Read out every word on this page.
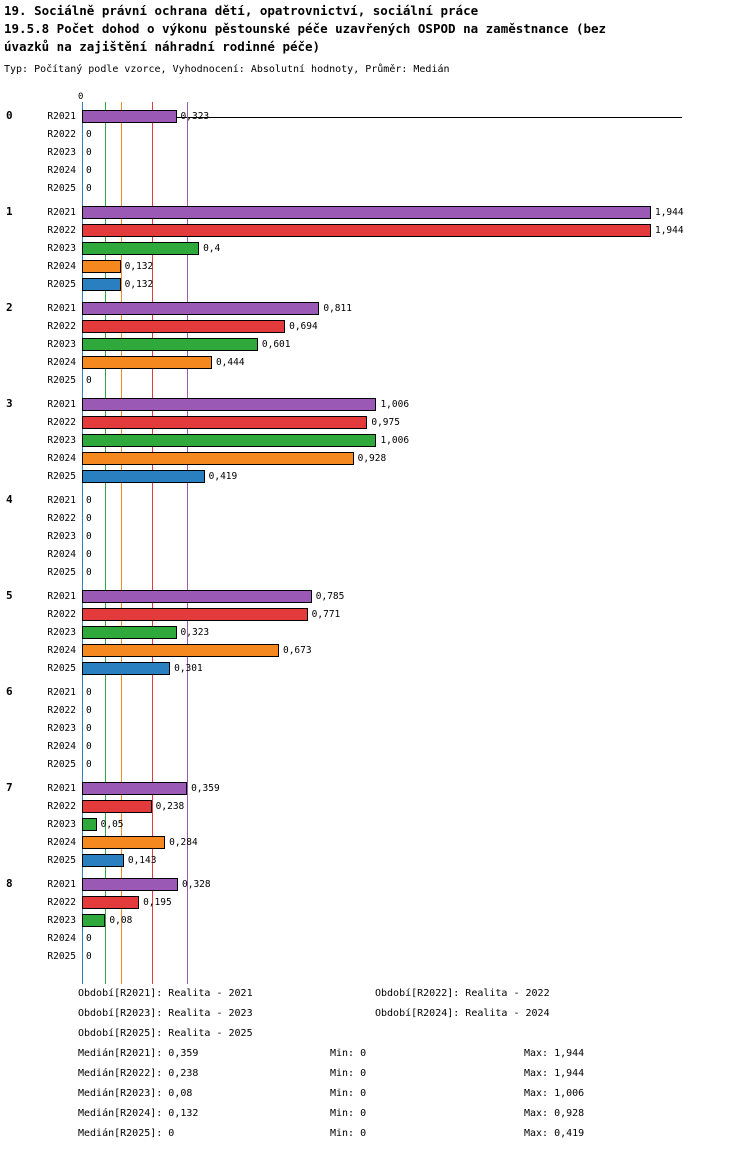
19. Sociálně právní ochrana dětí, opatrovnictví, sociální práce
19.5.8 Počet dohod o výkonu pěstounské péče uzavřených OSPOD na zaměstnance (bez
úvazků na zajištění náhradní rodinné péče)
Typ: Počítaný podle vzorce, Vyhodnocení: Absolutní hodnoty, Průměr: Medián
0
0	R2021	0,323
R2022 0
R2023 0
R2024 0
R2025 0
1	R2021	1,944
R2022	1,944
R2023	0,4
R2024	0,132
R2025	0,132
2	R2021	0,811
R2022	0,694
R2023	0,601
R2024	0,444
R2025 0
3	R2021	1,006
R2022	0,975
R2023	1,006
R2024	0,928
R2025	0,419
4	R2021 0
R2022 0
R2023 0
R2024 0
R2025 0
5	R2021	0,785
R2022	0,771
R2023	0,323
R2024	0,673
R2025	0,301
6	R2021 0
R2022 0
R2023 0
R2024 0
R2025 0
7	R2021	0,359
R2022	0,238
R2023	0,05
R2024	0,284
R2025	0,143
8	R2021	0,328
R2022	0,195
R2023	0,08
R2024 0
R2025 0
Období[R2021]: Realita - 2021	Období[R2022]: Realita - 2022
Období[R2023]: Realita - 2023	Období[R2024]: Realita - 2024
Období[R2025]: Realita - 2025
Medián[R2021]: 0,359	Min: 0	Max: 1,944
Medián[R2022]: 0,238	Min: 0	Max: 1,944
Medián[R2023]: 0,08	Min: 0	Max: 1,006
Medián[R2024]: 0,132	Min: 0	Max: 0,928
Medián[R2025]: 0	Min: 0	Max: 0,419
